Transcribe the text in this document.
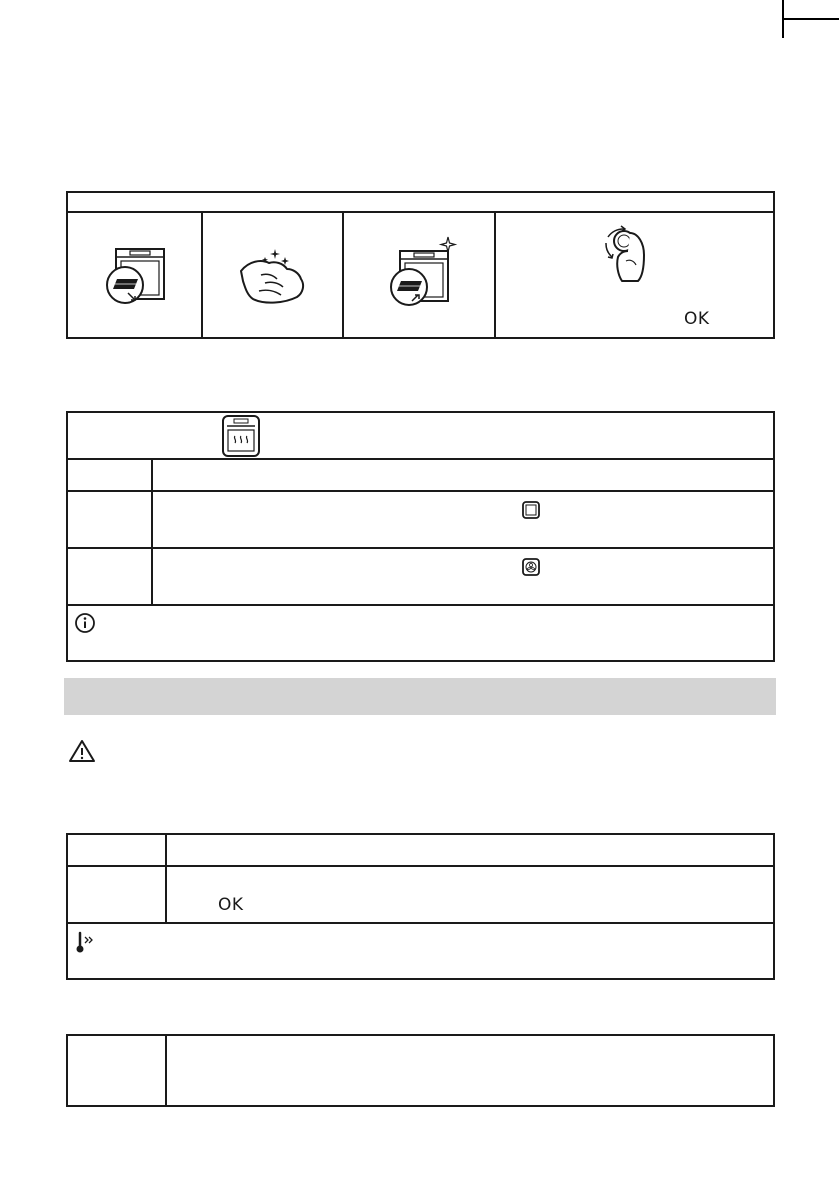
OK

	OK
